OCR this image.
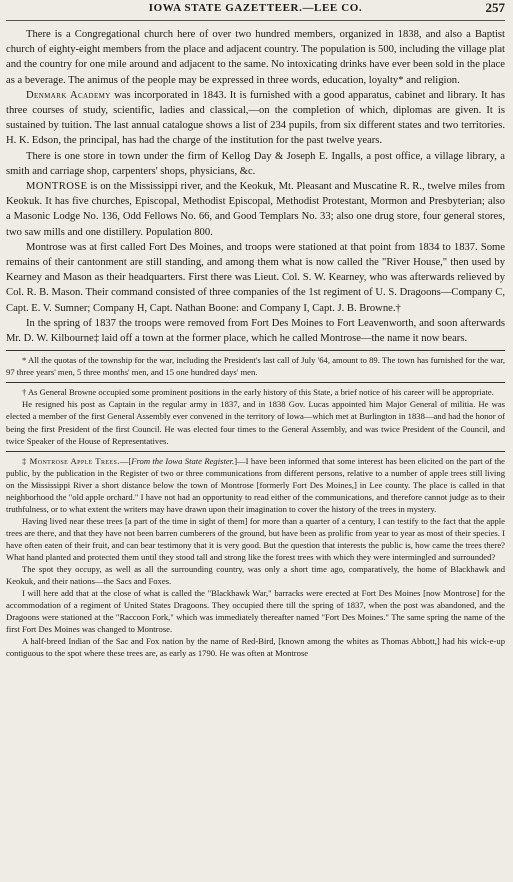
IOWA STATE GAZETTEER.—LEE CO.	257

There is a Congregational church here of over two hundred members, organized in 1838, and also a Baptist church of eighty-eight members from the place and adjacent country. The population is 500, including the village plat and the country for one mile around and adjacent to the same. No intoxicating drinks have ever been sold in the place as a beverage. The animus of the people may be expressed in three words, education, loyalty* and religion.

Denmark Academy was incorporated in 1843. It is furnished with a good apparatus, cabinet and library. It has three courses of study, scientific, ladies and classical,—on the completion of which, diplomas are given. It is sustained by tuition. The last annual catalogue shows a list of 234 pupils, from six different states and two territories. H. K. Edson, the principal, has had the charge of the institution for the past twelve years.

There is one store in town under the firm of Kellog Day & Joseph E. Ingalls, a post office, a village library, a smith and carriage shop, carpenters' shops, physicians, &c.

MONTROSE is on the Mississippi river, and the Keokuk, Mt. Pleasant and Muscatine R. R., twelve miles from Keokuk. It has five churches, Episcopal, Methodist Episcopal, Methodist Protestant, Mormon and Presbyterian; also a Masonic Lodge No. 136, Odd Fellows No. 66, and Good Templars No. 33; also one drug store, four general stores, two saw mills and one distillery. Population 800.

Montrose was at first called Fort Des Moines, and troops were stationed at that point from 1834 to 1837. Some remains of their cantonment are still standing, and among them what is now called the "River House," then used by Kearney and Mason as their headquarters. First there was Lieut. Col. S. W. Kearney, who was afterwards relieved by Col. R. B. Mason. Their command consisted of three companies of the 1st regiment of U. S. Dragoons—Company C, Capt. E. V. Sumner; Company H, Capt. Nathan Boone: and Company I, Capt. J. B. Browne.†

In the spring of 1837 the troops were removed from Fort Des Moines to Fort Leavenworth, and soon afterwards Mr. D. W. Kilbourne‡ laid off a town at the former place, which he called Montrose—the name it now bears.

* All the quotas of the township for the war, including the President's last call of July '64, amount to 89. The town has furnished for the war, 97 three years' men, 5 three months' men, and 15 one hundred days' men.

† As General Browne occupied some prominent positions in the early history of this State, a brief notice of his career will be appropriate.

He resigned his post as Captain in the regular army in 1837, and in 1838 Gov. Lucas appointed him Major General of militia. He was elected a member of the first General Assembly ever convened in the territory of Iowa—which met at Burlington in 1838—and had the honor of being the first President of the first Council. He was elected four times to the General Assembly, and was twice President of the Council, and twice Speaker of the House of Representatives.

‡ Montrose Apple Trees.—[From the Iowa State Register.]—I have been informed that some interest has been elicited on the part of the public, by the publication in the Register of two or three communications from different persons, relative to a number of apple trees still living on the Mississippi River a short distance below the town of Montrose [formerly Fort Des Moines,] in Lee county. The place is called in that neighborhood the "old apple orchard." I have not had an opportunity to read either of the communications, and therefore cannot judge as to their truthfulness, or to what extent the writers may have drawn upon their imagination to cover the history of the trees in mystery.

Having lived near these trees [a part of the time in sight of them] for more than a quarter of a century, I can testify to the fact that the apple trees are there, and that they have not been barren cumberers of the ground, but have been as prolific from year to year as most of their species. I have often eaten of their fruit, and can bear testimony that it is very good. But the question that interests the public is, how came the trees there? What hand planted and protected them until they stood tall and strong like the forest trees with which they were intermingled and surrounded?

The spot they occupy, as well as all the surrounding country, was only a short time ago, comparatively, the home of Blackhawk and Keokuk, and their nations—the Sacs and Foxes.

I will here add that at the close of what is called the "Blackhawk War," barracks were erected at Fort Des Moines [now Montrose] for the accommodation of a regiment of United States Dragoons. They occupied there till the spring of 1837, when the post was abandoned, and the Dragoons were stationed at the "Raccoon Fork," which was immediately thereafter named "Fort Des Moines." The same spring the name of the first Fort Des Moines was changed to Montrose.

A half-breed Indian of the Sac and Fox nation by the name of Red-Bird, [known among the whites as Thomas Abbott,] had his wick-e-up contiguous to the spot where these trees are, as early as 1790. He was often at Montrose
